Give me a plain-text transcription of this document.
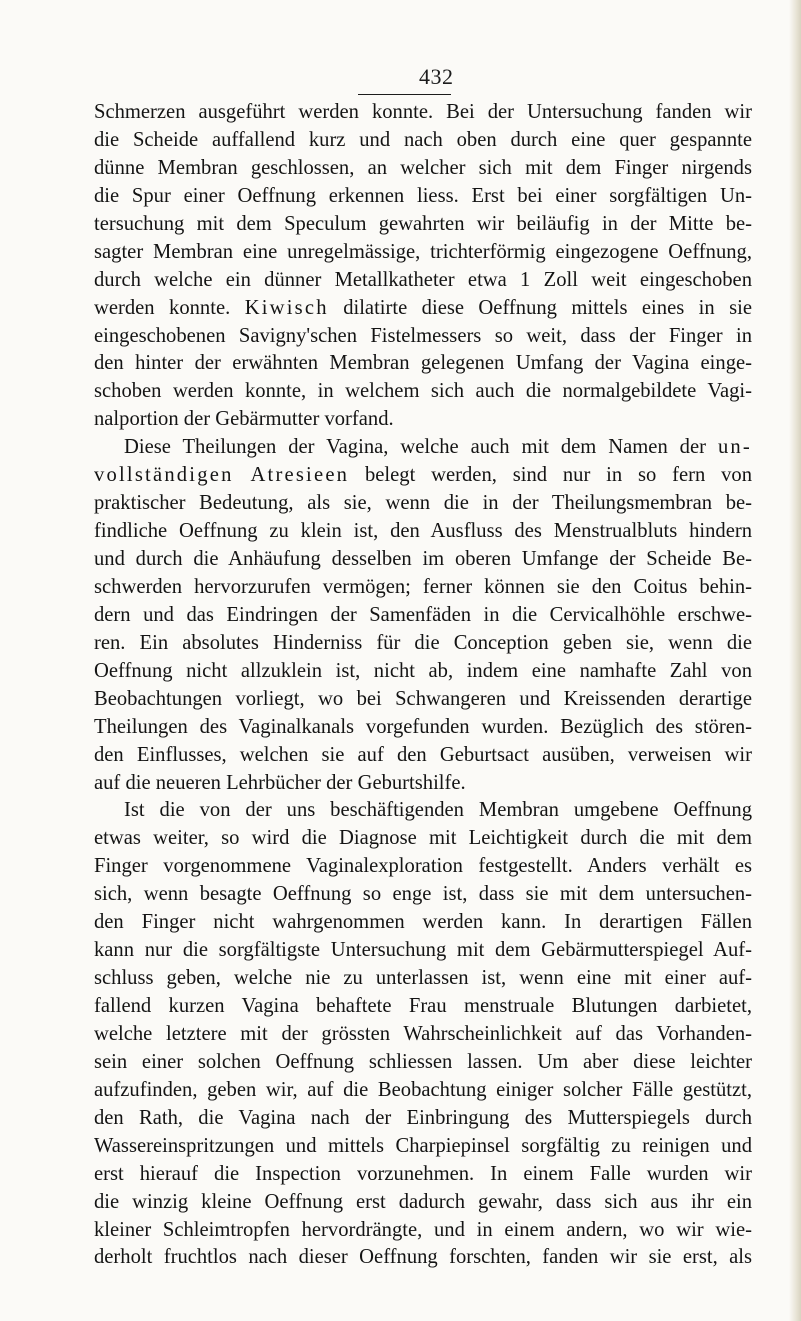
432
Schmerzen ausgeführt werden konnte. Bei der Untersuchung fanden wir
die Scheide auffallend kurz und nach oben durch eine quer gespannte
dünne Membran geschlossen, an welcher sich mit dem Finger nirgends
die Spur einer Oeffnung erkennen liess. Erst bei einer sorgfältigen Un-
tersuchung mit dem Speculum gewahrten wir beiläufig in der Mitte be-
sagter Membran eine unregelmässige, trichterförmig eingezogene Oeffnung,
durch welche ein dünner Metallkatheter etwa 1 Zoll weit eingeschoben
werden konnte. Kiwisch dilatirte diese Oeffnung mittels eines in sie
eingeschobenen Savigny'schen Fistelmessers so weit, dass der Finger in
den hinter der erwähnten Membran gelegenen Umfang der Vagina einge-
schoben werden konnte, in welchem sich auch die normalgebildete Vagi-
nalportion der Gebärmutter vorfand.
Diese Theilungen der Vagina, welche auch mit dem Namen der un-
vollständigen Atresieen belegt werden, sind nur in so fern von
praktischer Bedeutung, als sie, wenn die in der Theilungsmembran be-
findliche Oeffnung zu klein ist, den Ausfluss des Menstrualbluts hindern
und durch die Anhäufung desselben im oberen Umfange der Scheide Be-
schwerden hervorzurufen vermögen; ferner können sie den Coitus behin-
dern und das Eindringen der Samenfäden in die Cervicalhöhle erschwe-
ren. Ein absolutes Hinderniss für die Conception geben sie, wenn die
Oeffnung nicht allzuklein ist, nicht ab, indem eine namhafte Zahl von
Beobachtungen vorliegt, wo bei Schwangeren und Kreissenden derartige
Theilungen des Vaginalkanals vorgefunden wurden. Bezüglich des stören-
den Einflusses, welchen sie auf den Geburtsact ausüben, verweisen wir
auf die neueren Lehrbücher der Geburtshilfe.
Ist die von der uns beschäftigenden Membran umgebene Oeffnung
etwas weiter, so wird die Diagnose mit Leichtigkeit durch die mit dem
Finger vorgenommene Vaginalexploration festgestellt. Anders verhält es
sich, wenn besagte Oeffnung so enge ist, dass sie mit dem untersuchen-
den Finger nicht wahrgenommen werden kann. In derartigen Fällen
kann nur die sorgfältigste Untersuchung mit dem Gebärmutterspiegel Auf-
schluss geben, welche nie zu unterlassen ist, wenn eine mit einer auf-
fallend kurzen Vagina behaftete Frau menstruale Blutungen darbietet,
welche letztere mit der grössten Wahrscheinlichkeit auf das Vorhanden-
sein einer solchen Oeffnung schliessen lassen. Um aber diese leichter
aufzufinden, geben wir, auf die Beobachtung einiger solcher Fälle gestützt,
den Rath, die Vagina nach der Einbringung des Mutterspiegels durch
Wassereinspritzungen und mittels Charpiepinsel sorgfältig zu reinigen und
erst hierauf die Inspection vorzunehmen. In einem Falle wurden wir
die winzig kleine Oeffnung erst dadurch gewahr, dass sich aus ihr ein
kleiner Schleimtropfen hervordrängte, und in einem andern, wo wir wie-
derholt fruchtlos nach dieser Oeffnung forschten, fanden wir sie erst, als
